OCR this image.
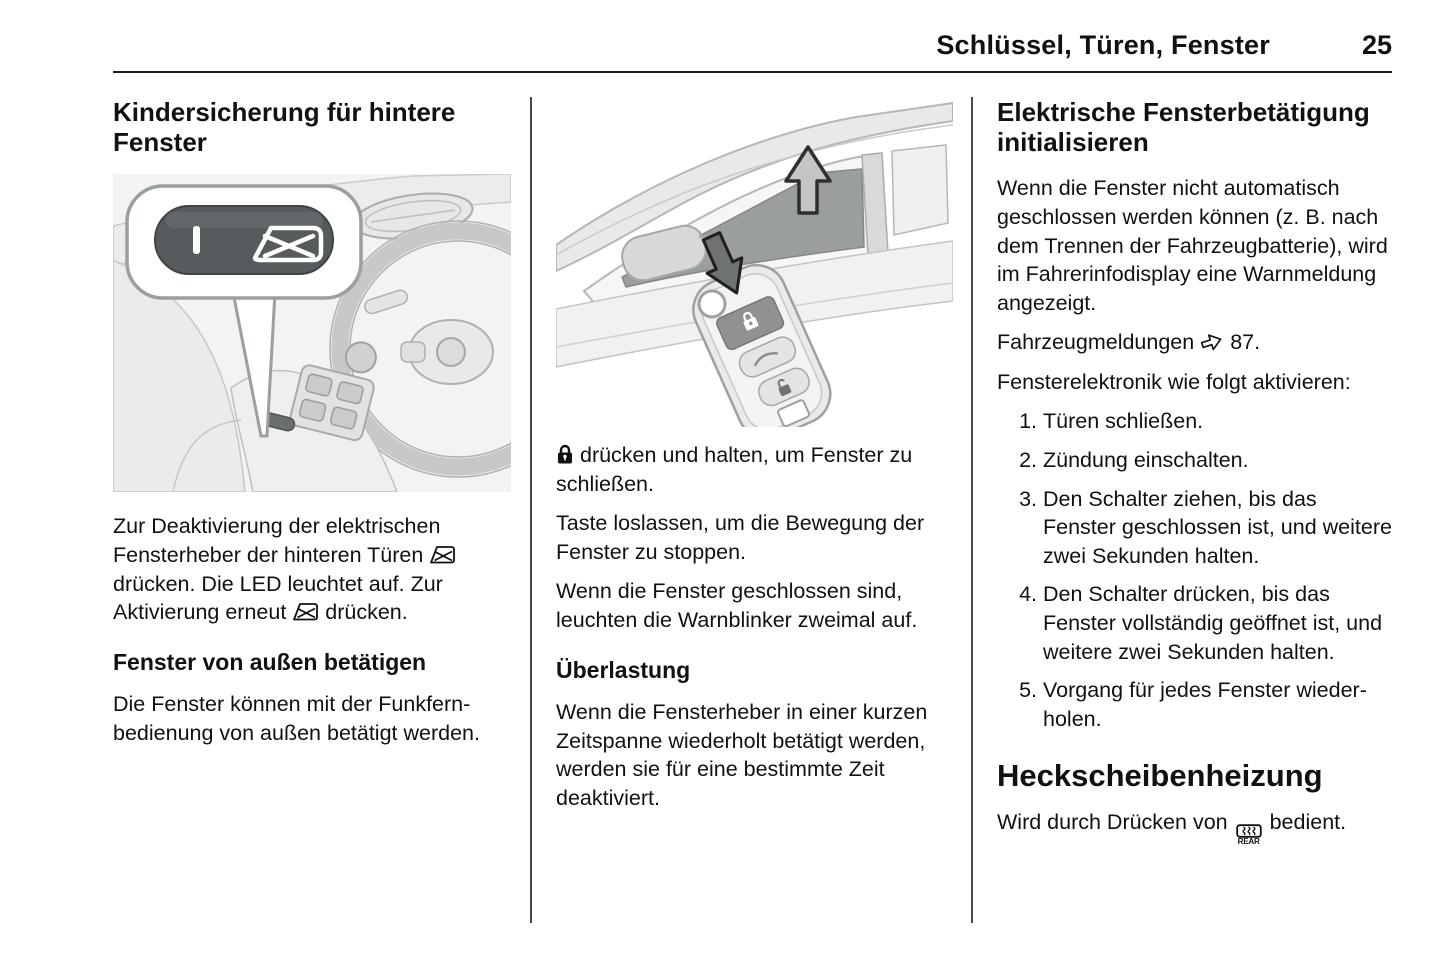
Schlüssel, Türen, Fenster	25
Kindersicherung für hintere Fenster

Zur Deaktivierung der elektrischen Fensterheber der hinteren Türen  drücken. Die LED leuchtet auf. Zur Aktivierung erneut drücken.

Fenster von außen betätigen

Die Fenster können mit der Funkfernbedienung von außen betätigt werden.

drücken und halten, um Fenster zu schließen.

Taste loslassen, um die Bewegung der Fenster zu stoppen.

Wenn die Fenster geschlossen sind, leuchten die Warnblinker zweimal auf.

Überlastung

Wenn die Fensterheber in einer kurzen Zeitspanne wiederholt betätigt werden, werden sie für eine bestimmte Zeit deaktiviert.

Elektrische Fensterbetätigung initialisieren

Wenn die Fenster nicht automatisch geschlossen werden können (z. B. nach dem Trennen der Fahrzeugbatterie), wird im Fahrerinfodisplay eine Warnmeldung angezeigt.

Fahrzeugmeldungen 87.

Fensterelektronik wie folgt aktivieren:

1. Türen schließen.
2. Zündung einschalten.
3. Den Schalter ziehen, bis das Fenster geschlossen ist, und weitere zwei Sekunden halten.
4. Den Schalter drücken, bis das Fenster vollständig geöffnet ist, und weitere zwei Sekunden halten.
5. Vorgang für jedes Fenster wiederholen.
Heckscheibenheizung

Wird durch Drücken von
REAR
bedient.
